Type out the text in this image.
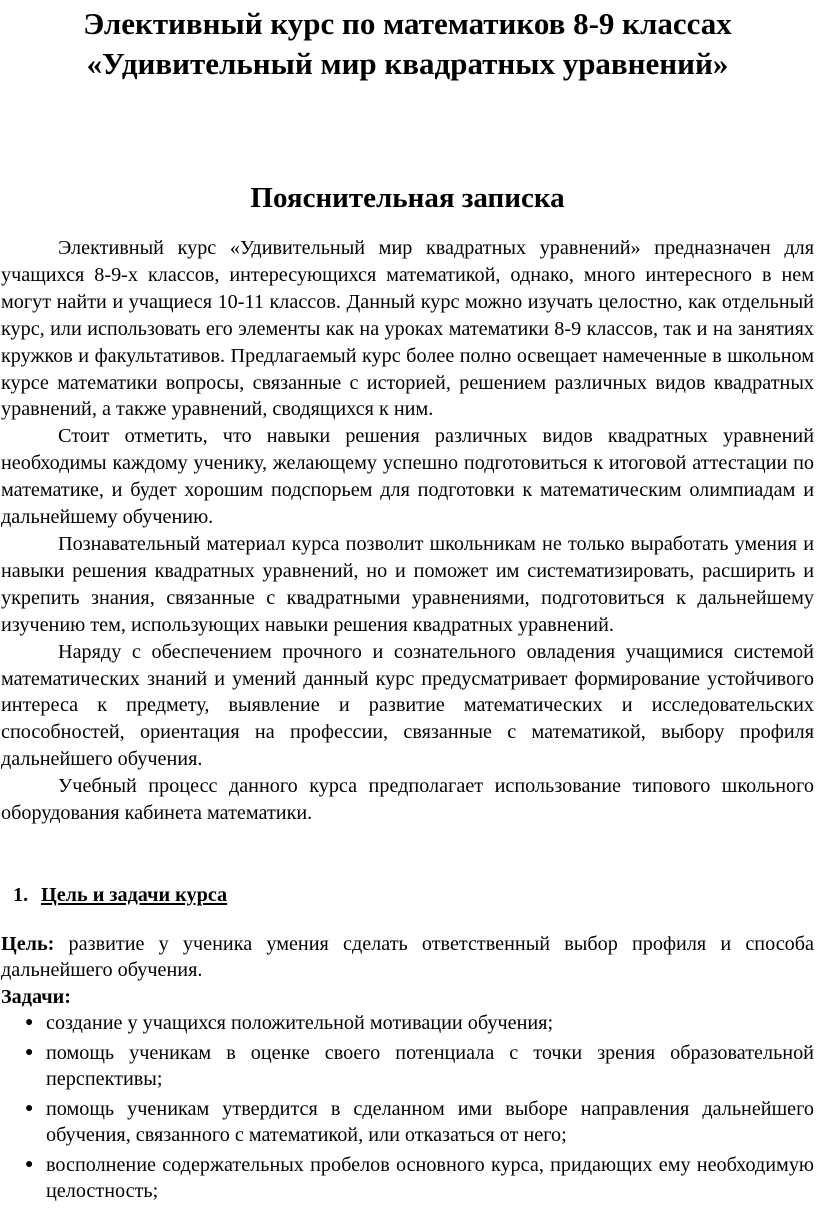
Элективный курс по математиков 8-9 классах
«Удивительный мир квадратных уравнений»
Пояснительная записка

Элективный курс «Удивительный мир квадратных уравнений» предназначен для учащихся 8-9-х классов, интересующихся математикой, однако, много интересного в нем могут найти и учащиеся 10-11 классов. Данный курс можно изучать целостно, как отдельный курс, или использовать его элементы как на уроках математики 8-9 классов, так и на занятиях кружков и факультативов. Предлагаемый курс более полно освещает намеченные в школьном курсе математики вопросы, связанные с историей, решением различных видов квадратных уравнений, а также уравнений, сводящихся к ним.

Стоит отметить, что навыки решения различных видов квадратных уравнений необходимы каждому ученику, желающему успешно подготовиться к итоговой аттестации по математике, и будет хорошим подспорьем для подготовки к математическим олимпиадам и дальнейшему обучению.

Познавательный материал курса позволит школьникам не только выработать умения и навыки решения квадратных уравнений, но и поможет им систематизировать, расширить и укрепить знания, связанные с квадратными уравнениями, подготовиться к дальнейшему изучению тем, использующих навыки решения квадратных уравнений.

Наряду с обеспечением прочного и сознательного овладения учащимися системой математических знаний и умений данный курс предусматривает формирование устойчивого интереса к предмету, выявление и развитие математических и исследовательских способностей, ориентация на профессии, связанные с математикой, выбору профиля дальнейшего обучения.

Учебный процесс данного курса предполагает использование типового школьного оборудования кабинета математики.

1. Цель и задачи курса

Цель: развитие у ученика умения сделать ответственный выбор профиля и способа дальнейшего обучения.

Задачи:

● создание у учащихся положительной мотивации обучения;
● помощь ученикам в оценке своего потенциала с точки зрения образовательной перспективы;
● помощь ученикам утвердится в сделанном ими выборе направления дальнейшего обучения, связанного с математикой, или отказаться от него;
● восполнение содержательных пробелов основного курса, придающих ему необходимую целостность;
